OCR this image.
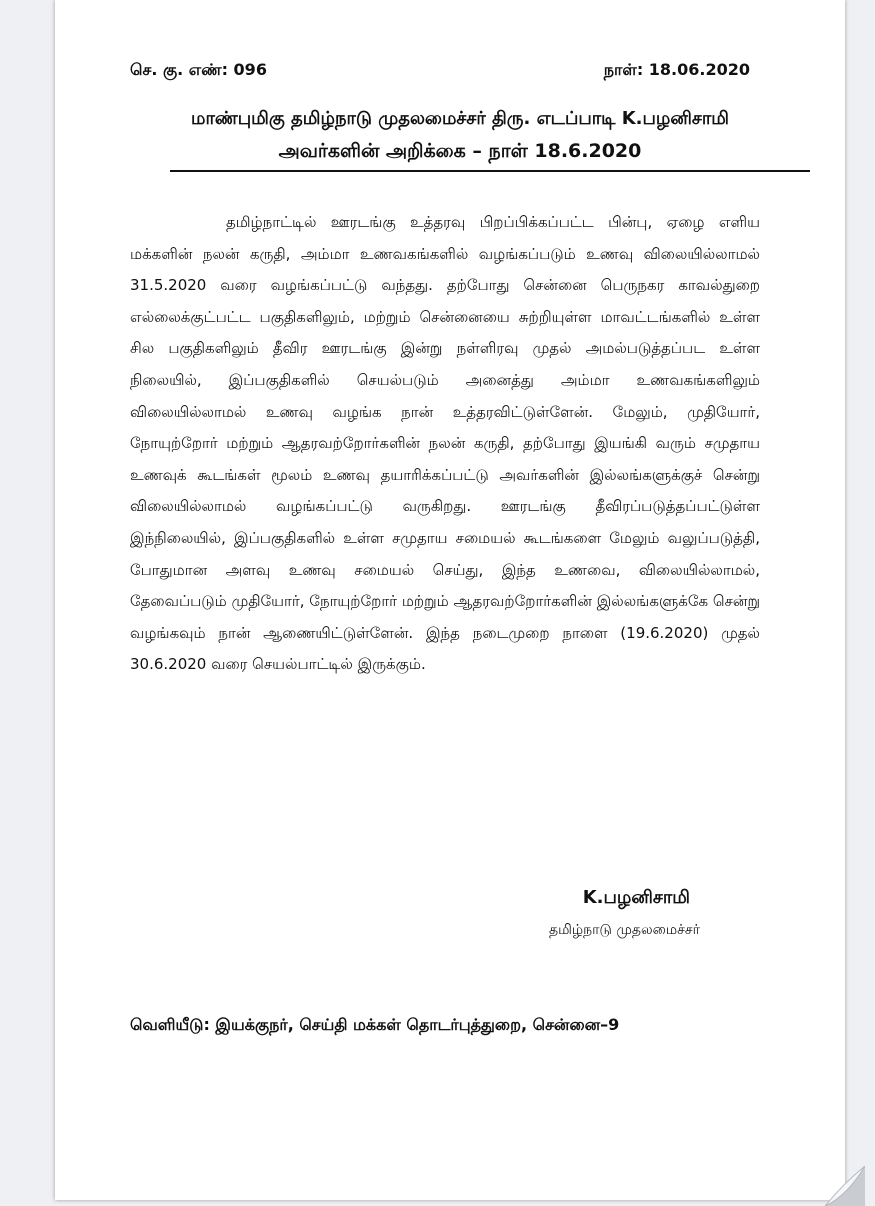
செ. கு. எண்: 096	நாள்: 18.06.2020
மாண்புமிகு தமிழ்நாடு முதலமைச்சர் திரு. எடப்பாடி K.பழனிசாமி
அவர்களின் அறிக்கை – நாள் 18.6.2020

தமிழ்நாட்டில் ஊரடங்கு உத்தரவு பிறப்பிக்கப்பட்ட பின்பு, ஏழை எளிய மக்களின் நலன் கருதி, அம்மா உணவகங்களில் வழங்கப்படும் உணவு விலையில்லாமல் 31.5.2020 வரை வழங்கப்பட்டு வந்தது. தற்போது சென்னை பெருநகர காவல்துறை எல்லைக்குட்பட்ட பகுதிகளிலும், மற்றும் சென்னையை சுற்றியுள்ள மாவட்டங்களில் உள்ள சில பகுதிகளிலும் தீவிர ஊரடங்கு இன்று நள்ளிரவு முதல் அமல்படுத்தப்பட உள்ள நிலையில், இப்பகுதிகளில் செயல்படும் அனைத்து அம்மா உணவகங்களிலும் விலையில்லாமல் உணவு வழங்க நான் உத்தரவிட்டுள்ளேன். மேலும், முதியோர், நோயுற்றோர் மற்றும் ஆதரவற்றோர்களின் நலன் கருதி, தற்போது இயங்கி வரும் சமுதாய உணவுக் கூடங்கள் மூலம் உணவு தயாரிக்கப்பட்டு அவர்களின் இல்லங்களுக்குச் சென்று விலையில்லாமல் வழங்கப்பட்டு வருகிறது. ஊரடங்கு தீவிரப்படுத்தப்பட்டுள்ள இந்நிலையில், இப்பகுதிகளில் உள்ள சமுதாய சமையல் கூடங்களை மேலும் வலுப்படுத்தி, போதுமான அளவு உணவு சமையல் செய்து, இந்த உணவை, விலையில்லாமல், தேவைப்படும் முதியோர், நோயுற்றோர் மற்றும் ஆதரவற்றோர்களின் இல்லங்களுக்கே சென்று வழங்கவும் நான் ஆணையிட்டுள்ளேன். இந்த நடைமுறை நாளை (19.6.2020) முதல் 30.6.2020 வரை செயல்பாட்டில் இருக்கும்.

K.பழனிசாமி
தமிழ்நாடு முதலமைச்சர்
வெளியீடு: இயக்குநர், செய்தி மக்கள் தொடர்புத்துறை, சென்னை–9
